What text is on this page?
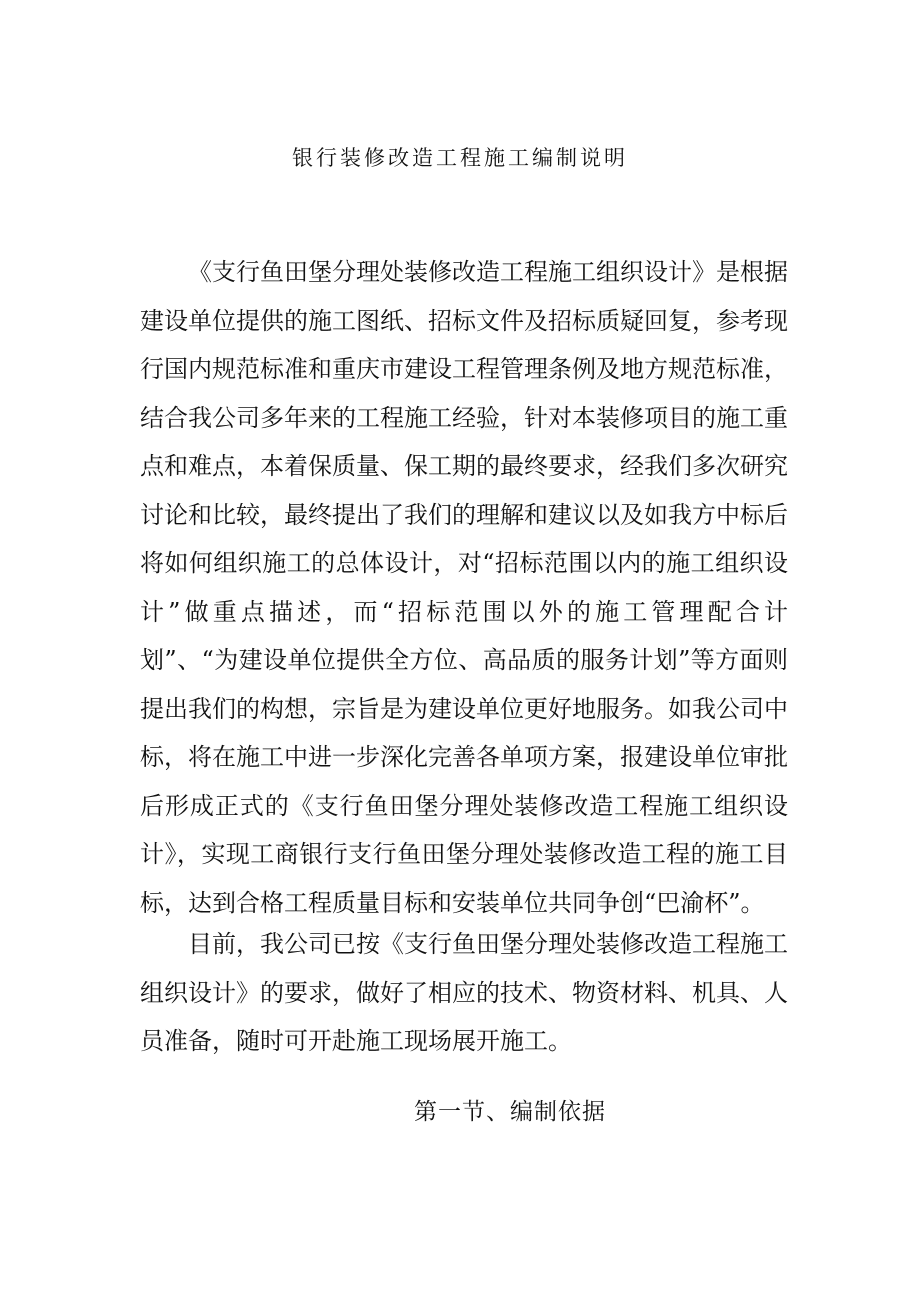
银行装修改造工程施工编制说明

《支行鱼田堡分理处装修改造工程施工组织设计》是根据建设单位提供的施工图纸、招标文件及招标质疑回复，参考现行国内规范标准和重庆市建设工程管理条例及地方规范标准，结合我公司多年来的工程施工经验，针对本装修项目的施工重点和难点，本着保质量、保工期的最终要求，经我们多次研究讨论和比较，最终提出了我们的理解和建议以及如我方中标后将如何组织施工的总体设计，对“招标范围以内的施工组织设计”做重点描述，而“招标范围以外的施工管理配合计划”、“为建设单位提供全方位、高品质的服务计划”等方面则提出我们的构想，宗旨是为建设单位更好地服务。如我公司中标，将在施工中进一步深化完善各单项方案，报建设单位审批后形成正式的《支行鱼田堡分理处装修改造工程施工组织设计》，实现工商银行支行鱼田堡分理处装修改造工程的施工目标，达到合格工程质量目标和安装单位共同争创“巴渝杯”。

目前，我公司已按《支行鱼田堡分理处装修改造工程施工组织设计》的要求，做好了相应的技术、物资材料、机具、人员准备，随时可开赴施工现场展开施工。

第一节、编制依据
